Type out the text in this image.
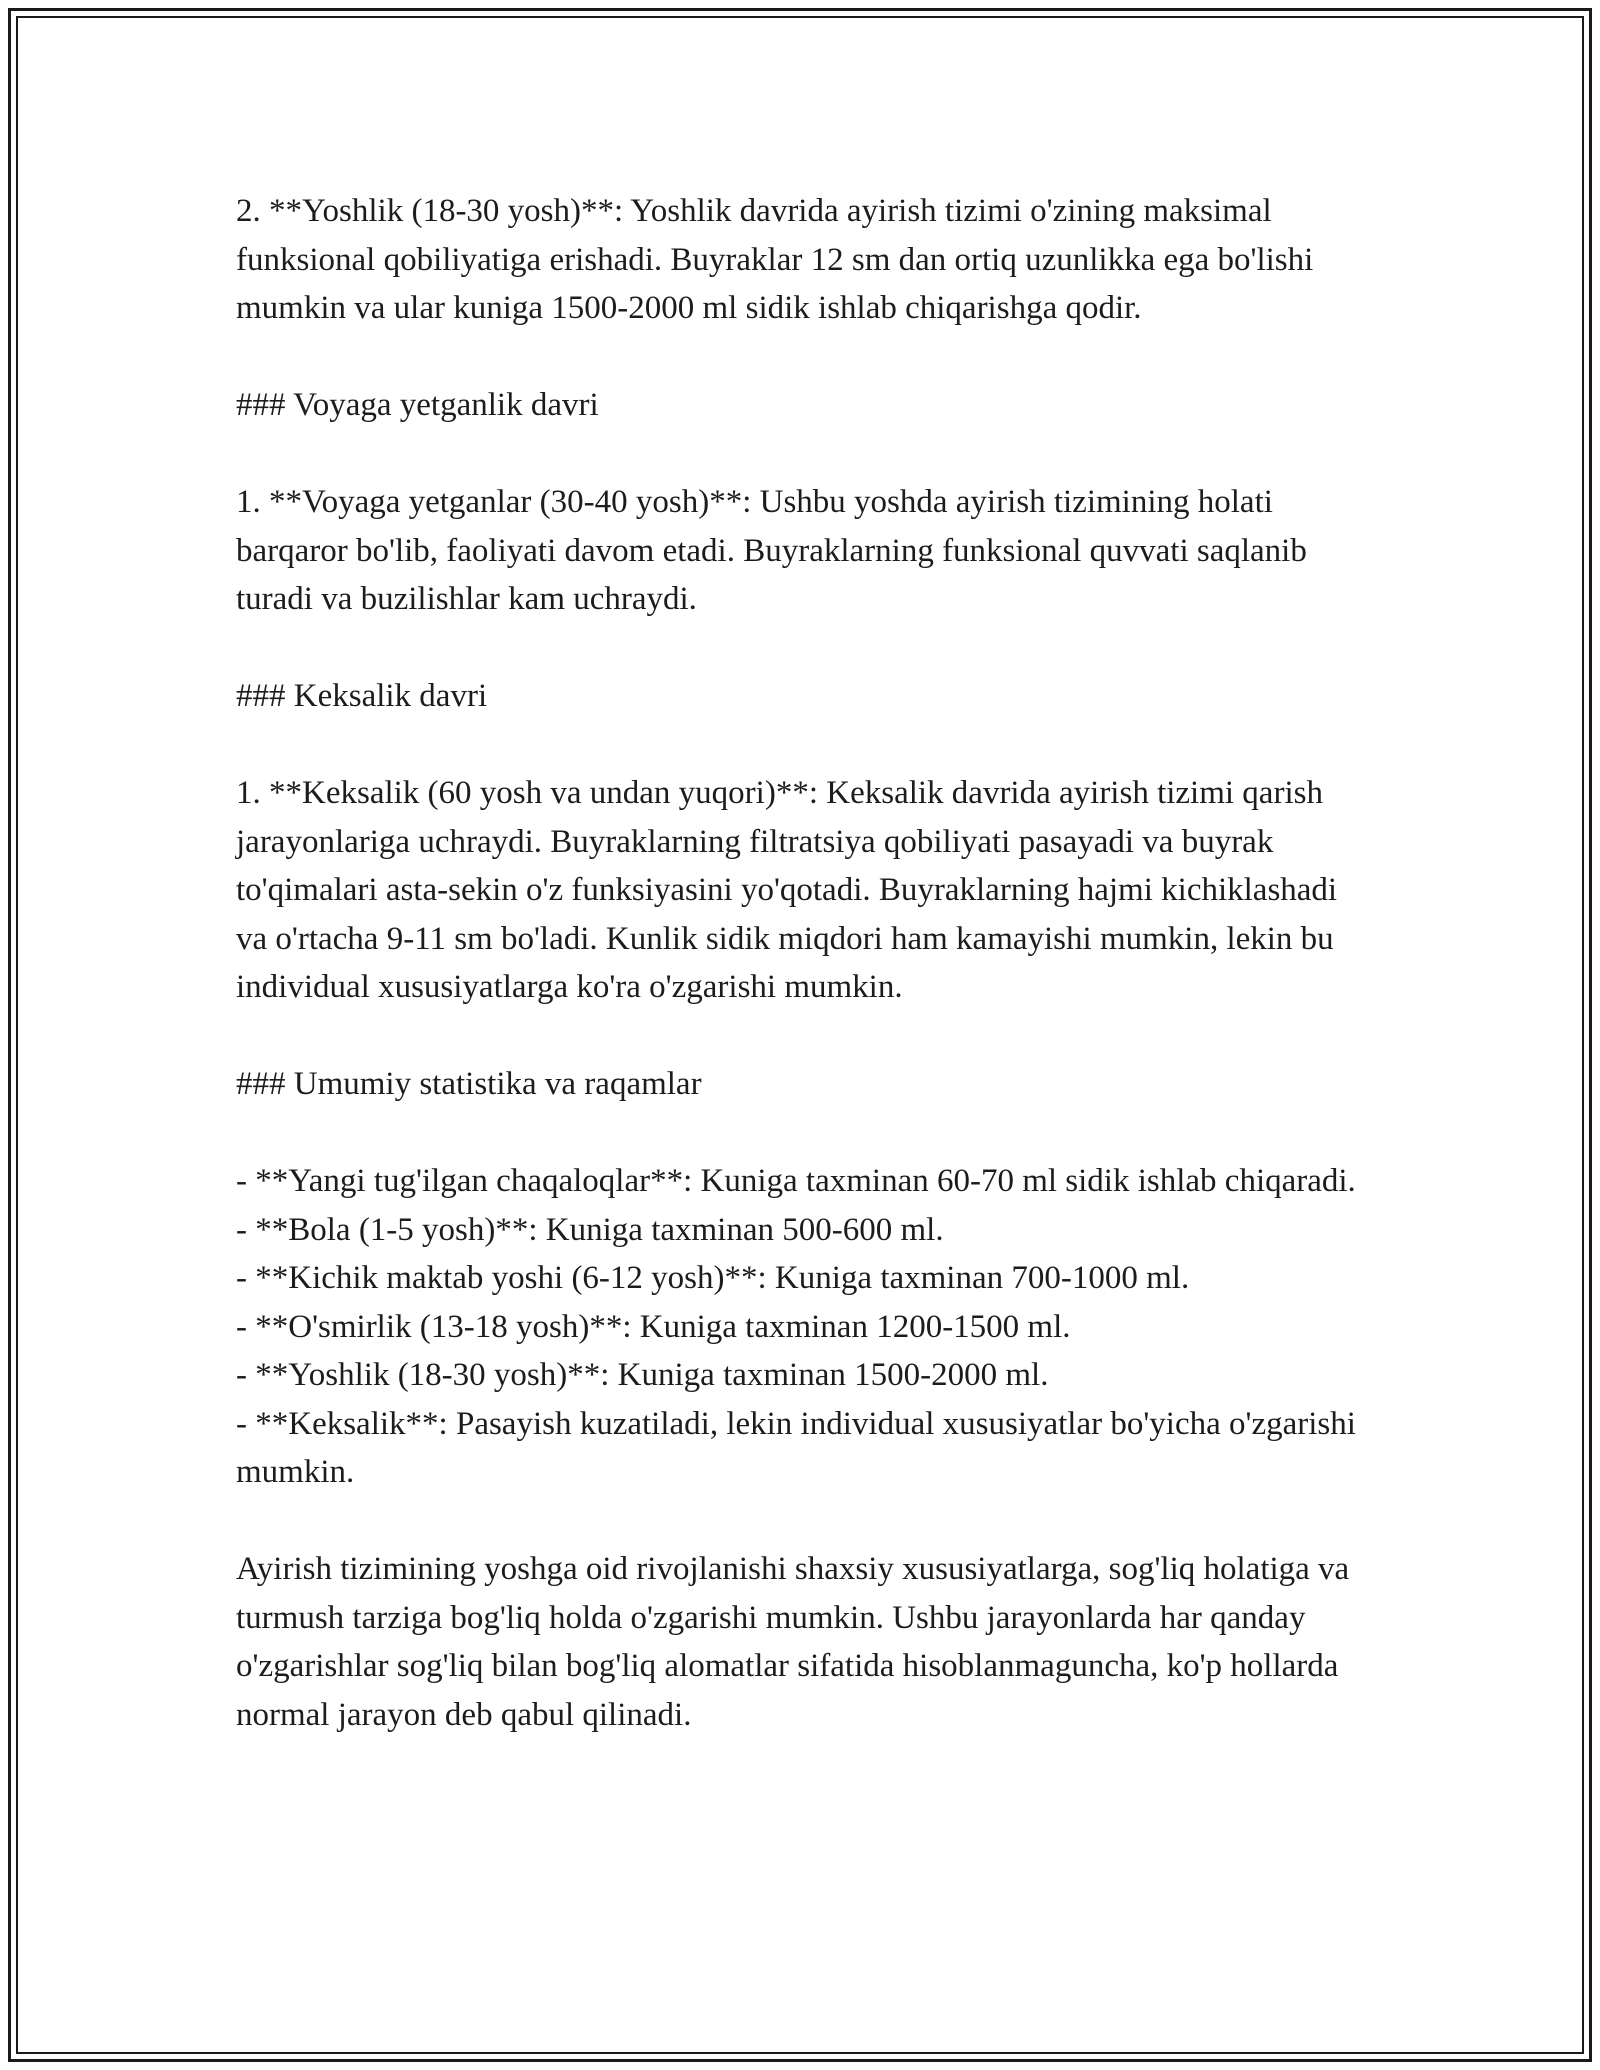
2. **Yoshlik (18-30 yosh)**: Yoshlik davrida ayirish tizimi o'zining maksimal funksional qobiliyatiga erishadi. Buyraklar 12 sm dan ortiq uzunlikka ega bo'lishi mumkin va ular kuniga 1500-2000 ml sidik ishlab chiqarishga qodir.

### Voyaga yetganlik davri

1. **Voyaga yetganlar (30-40 yosh)**: Ushbu yoshda ayirish tizimining holati barqaror bo'lib, faoliyati davom etadi. Buyraklarning funksional quvvati saqlanib turadi va buzilishlar kam uchraydi.

### Keksalik davri

1. **Keksalik (60 yosh va undan yuqori)**: Keksalik davrida ayirish tizimi qarish jarayonlariga uchraydi. Buyraklarning filtratsiya qobiliyati pasayadi va buyrak to'qimalari asta-sekin o'z funksiyasini yo'qotadi. Buyraklarning hajmi kichiklashadi va o'rtacha 9-11 sm bo'ladi. Kunlik sidik miqdori ham kamayishi mumkin, lekin bu individual xususiyatlarga ko'ra o'zgarishi mumkin.

### Umumiy statistika va raqamlar

- **Yangi tug'ilgan chaqaloqlar**: Kuniga taxminan 60-70 ml sidik ishlab chiqaradi.

- **Bola (1-5 yosh)**: Kuniga taxminan 500-600 ml.

- **Kichik maktab yoshi (6-12 yosh)**: Kuniga taxminan 700-1000 ml.

- **O'smirlik (13-18 yosh)**: Kuniga taxminan 1200-1500 ml.

- **Yoshlik (18-30 yosh)**: Kuniga taxminan 1500-2000 ml.

- **Keksalik**: Pasayish kuzatiladi, lekin individual xususiyatlar bo'yicha o'zgarishi mumkin.

Ayirish tizimining yoshga oid rivojlanishi shaxsiy xususiyatlarga, sog'liq holatiga va turmush tarziga bog'liq holda o'zgarishi mumkin. Ushbu jarayonlarda har qanday o'zgarishlar sog'liq bilan bog'liq alomatlar sifatida hisoblanmaguncha, ko'p hollarda normal jarayon deb qabul qilinadi.
